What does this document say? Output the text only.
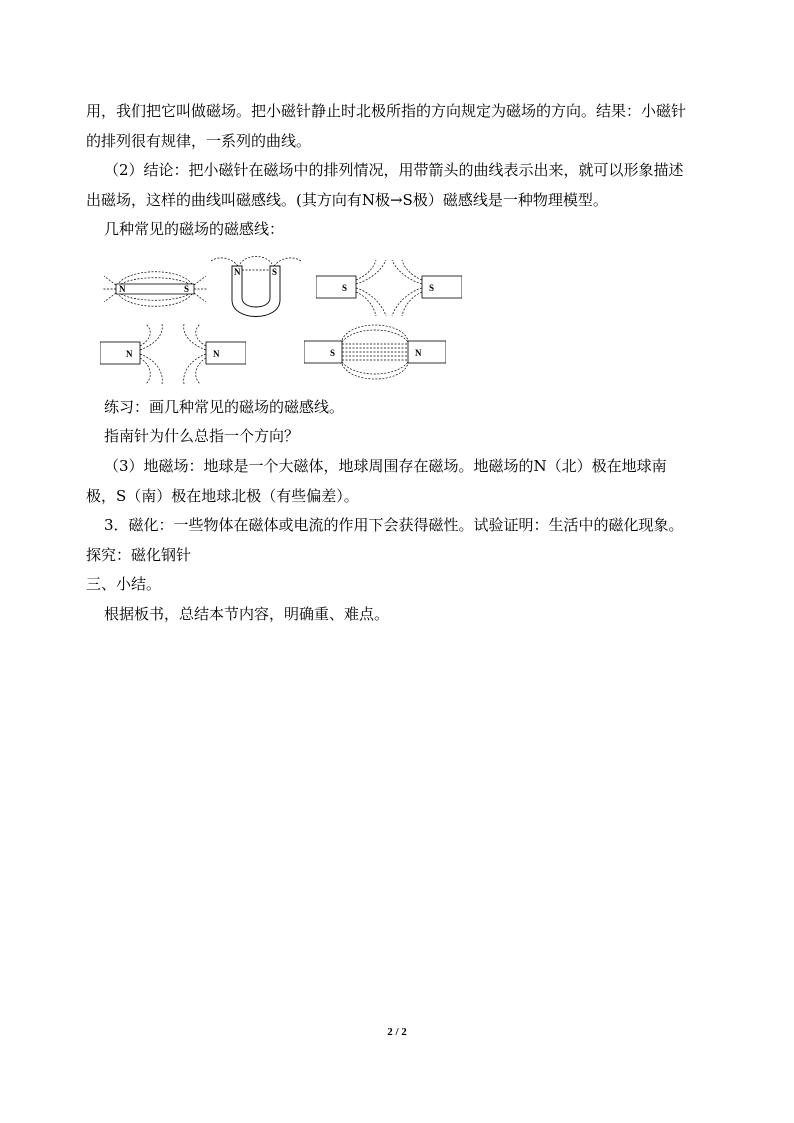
用，我们把它叫做磁场。把小磁针静止时北极所指的方向规定为磁场的方向。结果：小磁针
的排列很有规律，一系列的曲线。
（2）结论：把小磁针在磁场中的排列情况，用带箭头的曲线表示出来，就可以形象描述
出磁场，这样的曲线叫磁感线。(其方向有N极→S极）磁感线是一种物理模型。
几种常见的磁场的磁感线：
N	S
N	S
S	S
N	N	S	N
练习：画几种常见的磁场的磁感线。
指南针为什么总指一个方向？
（3）地磁场：地球是一个大磁体，地球周围存在磁场。地磁场的N（北）极在地球南
极，S（南）极在地球北极（有些偏差）。
3．磁化：一些物体在磁体或电流的作用下会获得磁性。试验证明：生活中的磁化现象。
探究：磁化钢针
三、小结。
根据板书，总结本节内容，明确重、难点。
2 / 2
